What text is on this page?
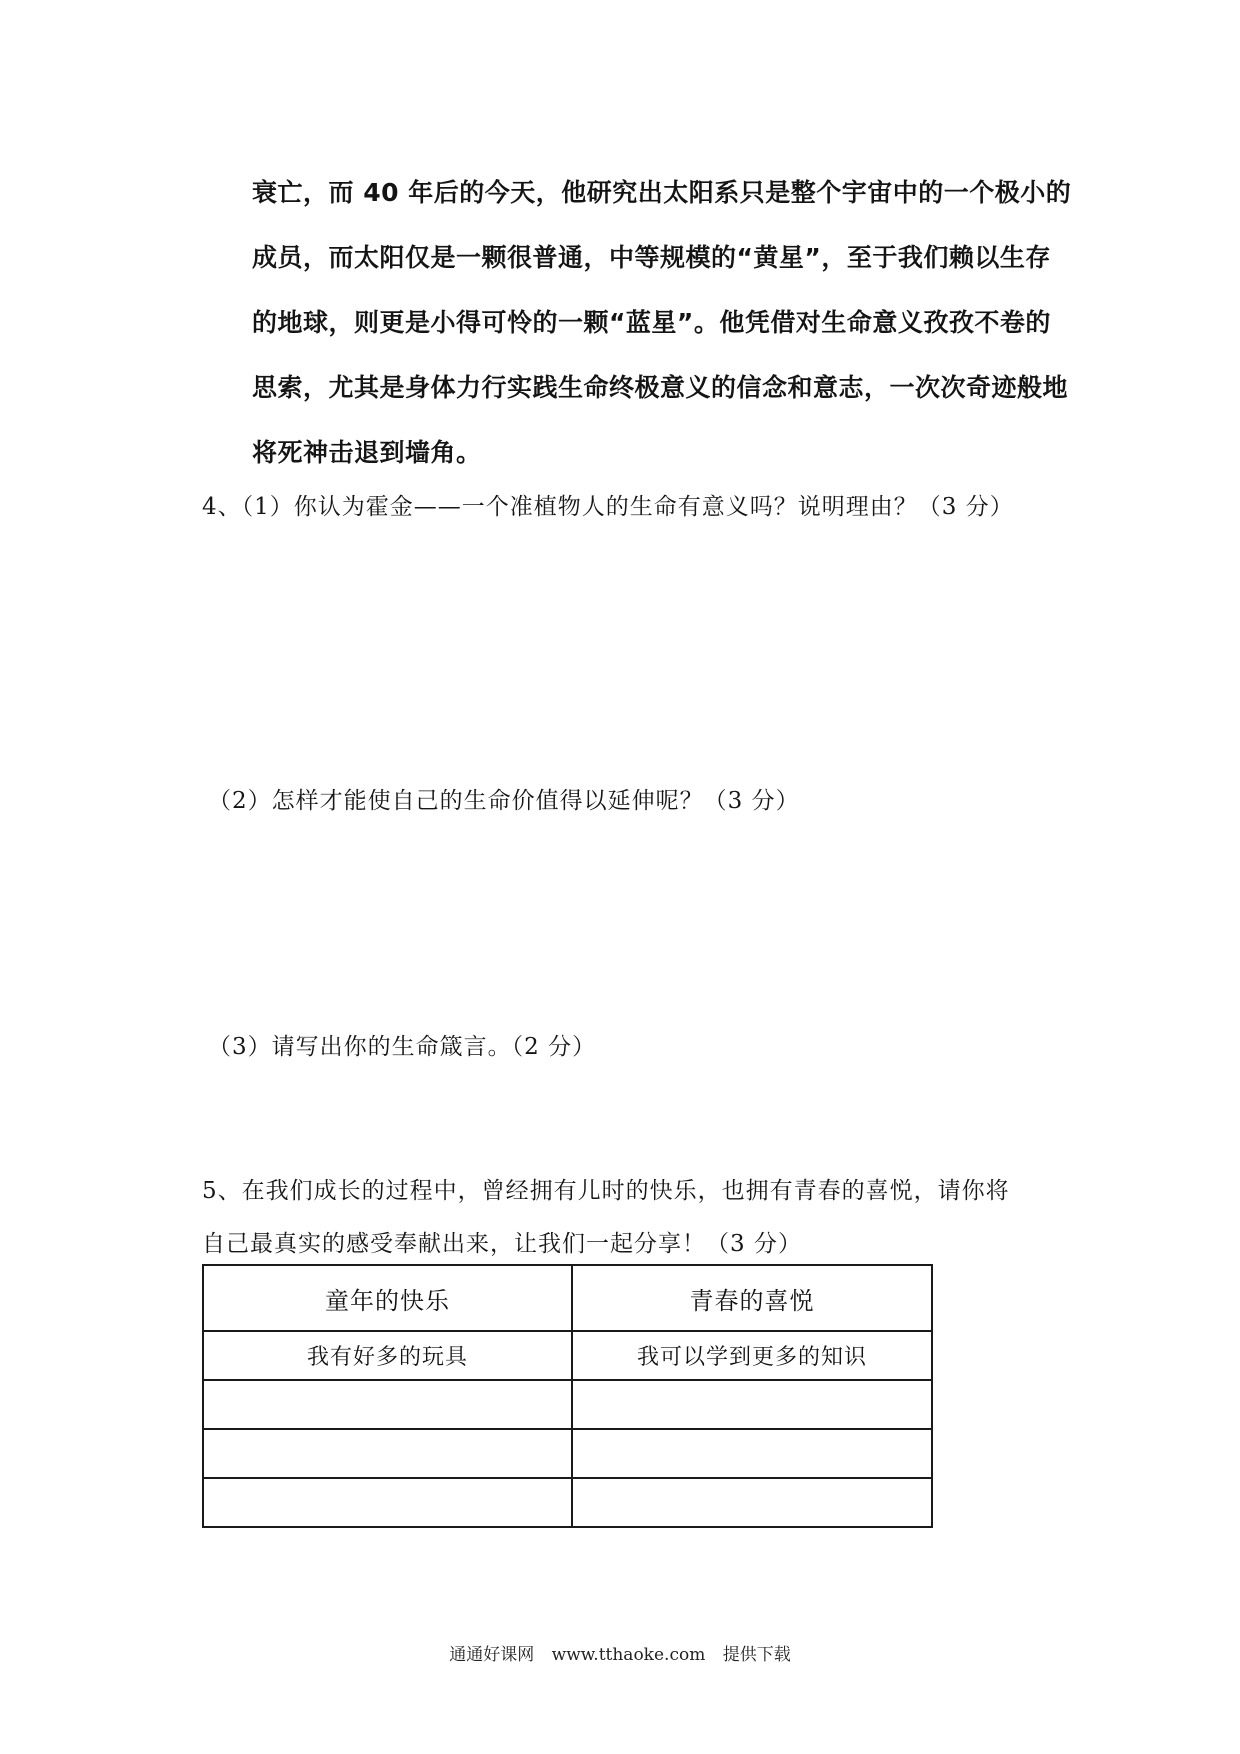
衰亡，而 40 年后的今天，他研究出太阳系只是整个宇宙中的一个极小的
成员，而太阳仅是一颗很普通，中等规模的“黄星”，至于我们赖以生存
的地球，则更是小得可怜的一颗“蓝星”。他凭借对生命意义孜孜不卷的
思索，尤其是身体力行实践生命终极意义的信念和意志，一次次奇迹般地
将死神击退到墙角。
4、（1）你认为霍金——一个准植物人的生命有意义吗？说明理由？（3 分）
（2）怎样才能使自己的生命价值得以延伸呢？（3 分）
（3）请写出你的生命箴言。（2 分）
5、在我们成长的过程中，曾经拥有儿时的快乐，也拥有青春的喜悦，请你将
自己最真实的感受奉献出来，让我们一起分享！（3 分）
童年的快乐	青春的喜悦
我有好多的玩具	我可以学到更多的知识

通通好课网 www.tthaoke.com 提供下载
